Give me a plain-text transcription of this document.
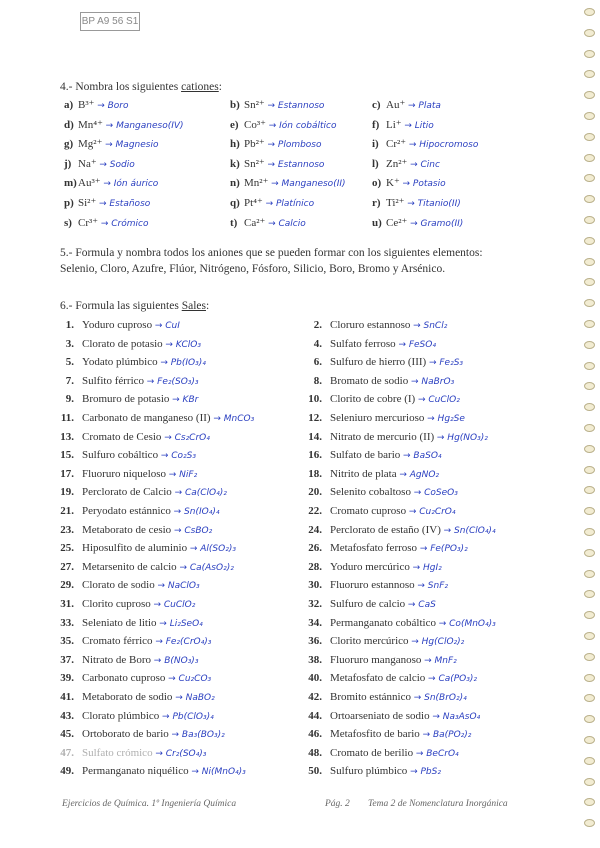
BP A9 56 S1
4.- Nombra los siguientes cationes:
a) B³⁺ → Boro	b) Sn²⁺ → Estannoso	c) Au⁺ → Plata
d) Mn⁴⁺ → Manganeso(IV)	e) Co³⁺ → Ión cobáltico	f) Li⁺ → Litio
g) Mg²⁺ → Magnesio	h) Pb²⁺ → Plomboso	i) Cr²⁺ → Hipocromoso
j) Na⁺ → Sodio	k) Sn²⁺ → Estannoso	l) Zn²⁺ → Cinc
m)Au³⁺ → Ión áurico	n) Mn²⁺ → Manganeso(II) o) K⁺ → Potasio
p) Si²⁺ → Estañoso	q) Pt⁴⁺ → Platínico	r) Ti²⁺ → Titanio(II)
s) Cr³⁺ → Crómico	t) Ca²⁺ → Calcio	u) Ce²⁺ → Gramo(II)
5.- Formula y nombra todos los aniones que se pueden formar con los siguientes elementos: Selenio, Cloro, Azufre, Flúor, Nitrógeno, Fósforo, Silicio, Boro, Bromo y Arsénico.
6.- Formula las siguientes Sales:
1. Yoduro cuproso → CuI	2. Cloruro estannoso → SnCl₂
3. Clorato de potasio → KClO₃	4. Sulfato ferroso → FeSO₄
5. Yodato plúmbico → Pb(IO₃)₄	6. Sulfuro de hierro (III) → Fe₂S₃
7. Sulfito férrico → Fe₂(SO₃)₃	8. Bromato de sodio → NaBrO₃
9. Bromuro de potasio → KBr	10. Clorito de cobre (I) → CuClO₂
11. Carbonato de manganeso (II) → MnCO₃	12. Seleniuro mercurioso → Hg₂Se
13. Cromato de Cesio → Cs₂CrO₄	14. Nitrato de mercurio (II) → Hg(NO₃)₂
15. Sulfuro cobáltico → Co₂S₃	16. Sulfato de bario → BaSO₄
17. Fluoruro niqueloso → NiF₂	18. Nitrito de plata → AgNO₂
19. Perclorato de Calcio → Ca(ClO₄)₂	20. Selenito cobaltoso → CoSeO₃
21. Peryodato estánnico → Sn(IO₄)₄	22. Cromato cuproso → Cu₂CrO₄
23. Metaborato de cesio → CsBO₂	24. Perclorato de estaño (IV) → Sn(ClO₄)₄
25. Hiposulfito de aluminio → Al(SO₂)₃	26. Metafosfato ferroso → Fe(PO₃)₂
27. Metarsenito de calcio → Ca(AsO₂)₂	28. Yoduro mercúrico → HgI₂
29. Clorato de sodio → NaClO₃	30. Fluoruro estannoso → SnF₂
31. Clorito cuproso → CuClO₂	32. Sulfuro de calcio → CaS
33. Seleniato de litio → Li₂SeO₄	34. Permanganato cobáltico → Co(MnO₄)₃
35. Cromato férrico → Fe₂(CrO₄)₃	36. Clorito mercúrico → Hg(ClO₂)₂
37. Nitrato de Boro → B(NO₃)₃	38. Fluoruro manganoso → MnF₂
39. Carbonato cuproso → Cu₂CO₃	40. Metafosfato de calcio → Ca(PO₃)₂
41. Metaborato de sodio → NaBO₂	42. Bromito estánnico → Sn(BrO₂)₄
43. Clorato plúmbico → Pb(ClO₃)₄	44. Ortoarseniato de sodio → Na₃AsO₄
45. Ortoborato de bario → Ba₃(BO₃)₂	46. Metafosfito de bario → Ba(PO₂)₂
47. Sulfato crómico → Cr₂(SO₄)₃	48. Cromato de berilio → BeCrO₄
49. Permanganato niquélico → Ni(MnO₄)₃	50. Sulfuro plúmbico → PbS₂
Ejercicios de Química. 1º Ingeniería Química	Pág. 2 Tema 2 de Nomenclatura Inorgánica
